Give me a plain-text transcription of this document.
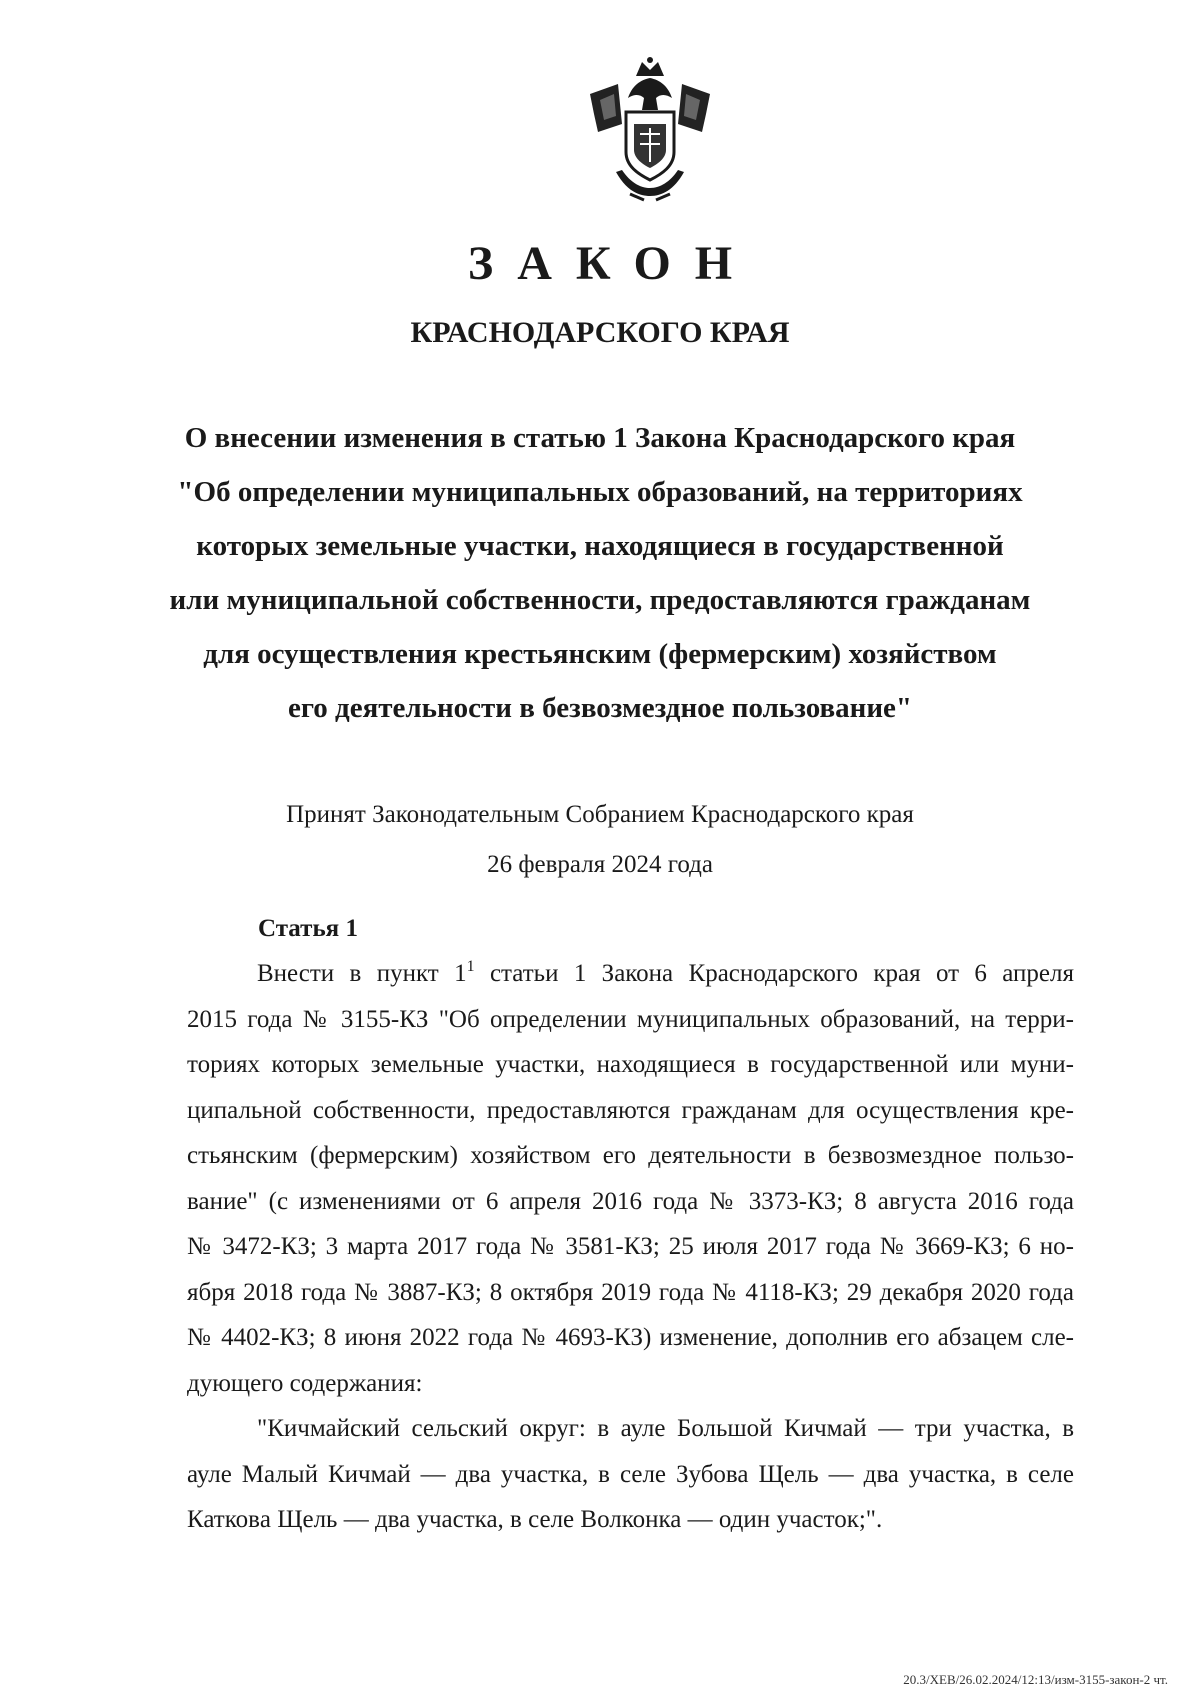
ЗАКОН
КРАСНОДАРСКОГО КРАЯ
О внесении изменения в статью 1 Закона Краснодарского края
"Об определении муниципальных образований, на территориях
которых земельные участки, находящиеся в государственной
или муниципальной собственности, предоставляются гражданам
для осуществления крестьянским (фермерским) хозяйством
его деятельности в безвозмездное пользование"
Принят Законодательным Собранием Краснодарского края
26 февраля 2024 года
Статья 1
Внести в пункт $1^1$ статьи 1 Закона Краснодарского края от 6 апреля
2015 года № 3155-КЗ "Об определении муниципальных образований, на терри-
ториях которых земельные участки, находящиеся в государственной или муни-
ципальной собственности, предоставляются гражданам для осуществления кре-
стьянским (фермерским) хозяйством его деятельности в безвозмездное пользо-
вание" (с изменениями от 6 апреля 2016 года № 3373-КЗ; 8 августа 2016 года
№ 3472-КЗ; 3 марта 2017 года № 3581-КЗ; 25 июля 2017 года № 3669-КЗ; 6 но-
ября 2018 года № 3887-КЗ; 8 октября 2019 года № 4118-КЗ; 29 декабря 2020 года
№ 4402-КЗ; 8 июня 2022 года № 4693-КЗ) изменение, дополнив его абзацем сле-
дующего содержания:
"Кичмайский сельский округ: в ауле Большой Кичмай — три участка, в
ауле Малый Кичмай — два участка, в селе Зубова Щель — два участка, в селе
Катковa Щель — два участка, в селе Волконка — один участок;".
20.3/ХЕВ/26.02.2024/12:13/изм-3155-закон-2 чт.
